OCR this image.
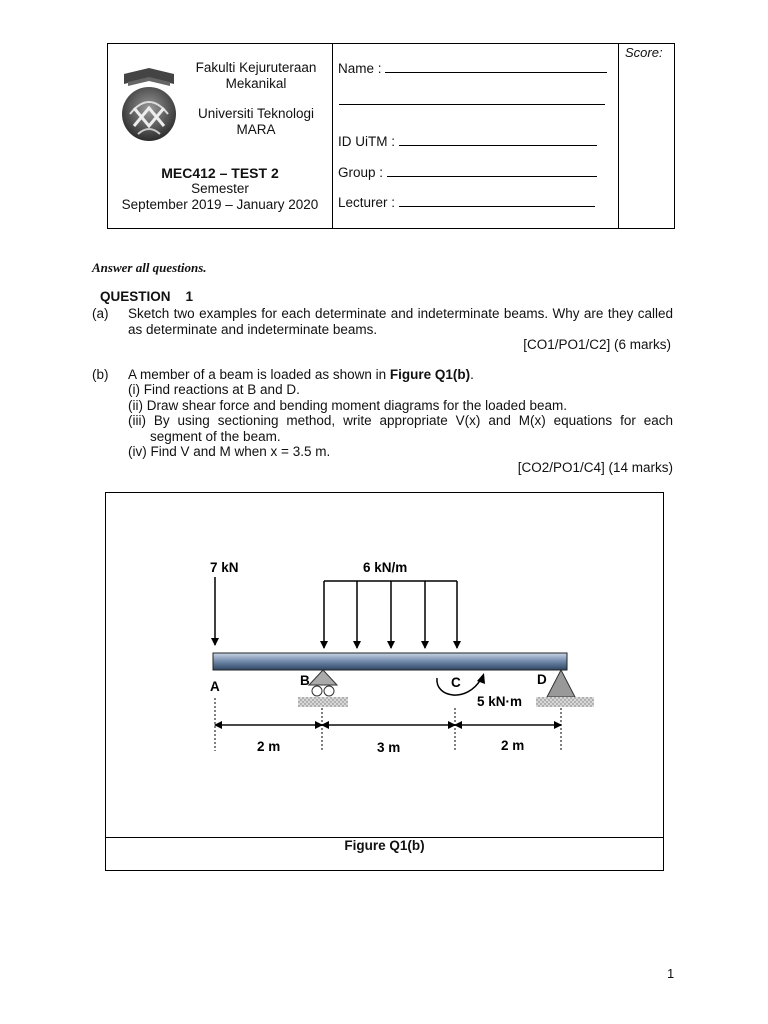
Fakulti Kejuruteraan
Mekanikal
Universiti Teknologi
MARA
MEC412 – TEST 2
Semester
September 2019 – January 2020
Name :
ID UiTM :
Group :
Lecturer :
Score:
Answer all questions.
QUESTION    1
(a) Sketch two examples for each determinate and indeterminate beams. Why are they called as determinate and indeterminate beams.
[CO1/PO1/C2] (6 marks)
(b) A member of a beam is loaded as shown in Figure Q1(b).
(i) Find reactions at B and D.
(ii) Draw shear force and bending moment diagrams for the loaded beam.
(iii) By using sectioning method, write appropriate V(x) and M(x) equations for each segment of the beam.
(iv) Find V and M when x = 3.5 m.
[CO2/PO1/C4] (14 marks)
7 kN	6 kN/m
A	B	C	D
5 kN·m
2 m	3 m	2 m
Figure Q1(b)
1
